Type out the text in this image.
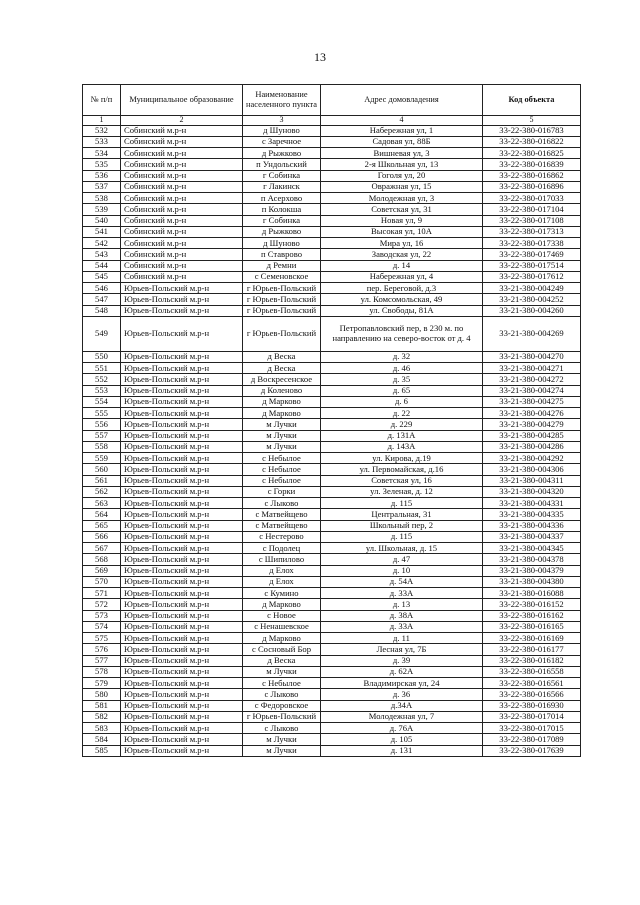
13
№ п/п	Муниципальное образование	Наименование населенного пункта	Адрес домовладения	Код объекта
1	2	3	4	5
532	Собинский м.р-н	д Шуново	Набережная ул, 1	33-22-380-016783
533	Собинский м.р-н	с Заречное	Садовая ул, 88Б	33-22-380-016822
534	Собинский м.р-н	д Рыжково	Вишневая ул, 3	33-22-380-016825
535	Собинский м.р-н	п Ундольский	2-я Школьная ул, 13	33-22-380-016839
536	Собинский м.р-н	г Собинка	Гоголя ул, 20	33-22-380-016862
537	Собинский м.р-н	г Лакинск	Овражная ул, 15	33-22-380-016896
538	Собинский м.р-н	п Асерхово	Молодежная ул, 3	33-22-380-017033
539	Собинский м.р-н	п Колокша	Советская ул, 31	33-22-380-017104
540	Собинский м.р-н	г Собинка	Новая ул, 9	33-22-380-017108
541	Собинский м.р-н	д Рыжково	Высокая ул, 10А	33-22-380-017313
542	Собинский м.р-н	д Шуново	Мира ул, 16	33-22-380-017338
543	Собинский м.р-н	п Ставрово	Заводская ул, 22	33-22-380-017469
544	Собинский м.р-н	д Ремни	д. 14	33-22-380-017514
545	Собинский м.р-н	с Семеновское	Набережная ул, 4	33-22-380-017612
546	Юрьев-Польский м.р-н	г Юрьев-Польский	пер. Береговой, д.3	33-21-380-004249
547	Юрьев-Польский м.р-н	г Юрьев-Польский	ул. Комсомольская, 49	33-21-380-004252
548	Юрьев-Польский м.р-н	г Юрьев-Польский	ул. Свободы, 81А	33-21-380-004260
549	Юрьев-Польский м.р-н	г Юрьев-Польский	Петропавловский пер, в 230 м. по направлению на северо-восток от д. 4	33-21-380-004269
550	Юрьев-Польский м.р-н	д Веска	д. 32	33-21-380-004270
551	Юрьев-Польский м.р-н	д Веска	д. 46	33-21-380-004271
552	Юрьев-Польский м.р-н	д Воскресенское	д. 35	33-21-380-004272
553	Юрьев-Польский м.р-н	д Коленово	д. 65	33-21-380-004274
554	Юрьев-Польский м.р-н	д Марково	д. 6	33-21-380-004275
555	Юрьев-Польский м.р-н	д Марково	д. 22	33-21-380-004276
556	Юрьев-Польский м.р-н	м Лучки	д. 229	33-21-380-004279
557	Юрьев-Польский м.р-н	м Лучки	д. 131А	33-21-380-004285
558	Юрьев-Польский м.р-н	м Лучки	д. 143А	33-21-380-004286
559	Юрьев-Польский м.р-н	с Небылое	ул. Кирова, д.19	33-21-380-004292
560	Юрьев-Польский м.р-н	с Небылое	ул. Первомайская, д.16	33-21-380-004306
561	Юрьев-Польский м.р-н	с Небылое	Советская ул, 16	33-21-380-004311
562	Юрьев-Польский м.р-н	с Горки	ул. Зеленая, д. 12	33-21-380-004320
563	Юрьев-Польский м.р-н	с Лыково	д. 115	33-21-380-004331
564	Юрьев-Польский м.р-н	с Матвейщево	Центральная, 31	33-21-380-004335
565	Юрьев-Польский м.р-н	с Матвейщево	Школьный пер, 2	33-21-380-004336
566	Юрьев-Польский м.р-н	с Нестерово	д. 115	33-21-380-004337
567	Юрьев-Польский м.р-н	с Подолец	ул. Школьная, д. 15	33-21-380-004345
568	Юрьев-Польский м.р-н	с Шипилово	д. 47	33-21-380-004378
569	Юрьев-Польский м.р-н	д Елох	д. 10	33-21-380-004379
570	Юрьев-Польский м.р-н	д Елох	д. 54А	33-21-380-004380
571	Юрьев-Польский м.р-н	с Кумино	д. 33А	33-21-380-016088
572	Юрьев-Польский м.р-н	д Марково	д. 13	33-22-380-016152
573	Юрьев-Польский м.р-н	с Новое	д. 38А	33-22-380-016162
574	Юрьев-Польский м.р-н	с Ненашевское	д. 33А	33-22-380-016165
575	Юрьев-Польский м.р-н	д Марково	д. 11	33-22-380-016169
576	Юрьев-Польский м.р-н	с Сосновый Бор	Лесная ул, 7Б	33-22-380-016177
577	Юрьев-Польский м.р-н	д Веска	д. 39	33-22-380-016182
578	Юрьев-Польский м.р-н	м Лучки	д. 62А	33-22-380-016558
579	Юрьев-Польский м.р-н	с Небылое	Владимирская ул, 24	33-22-380-016561
580	Юрьев-Польский м.р-н	с Лыково	д. 36	33-22-380-016566
581	Юрьев-Польский м.р-н	с Федоровское	д.34А	33-22-380-016930
582	Юрьев-Польский м.р-н	г Юрьев-Польский	Молодежная ул, 7	33-22-380-017014
583	Юрьев-Польский м.р-н	с Лыково	д. 76А	33-22-380-017015
584	Юрьев-Польский м.р-н	м Лучки	д. 105	33-22-380-017089
585	Юрьев-Польский м.р-н	м Лучки	д. 131	33-22-380-017639
